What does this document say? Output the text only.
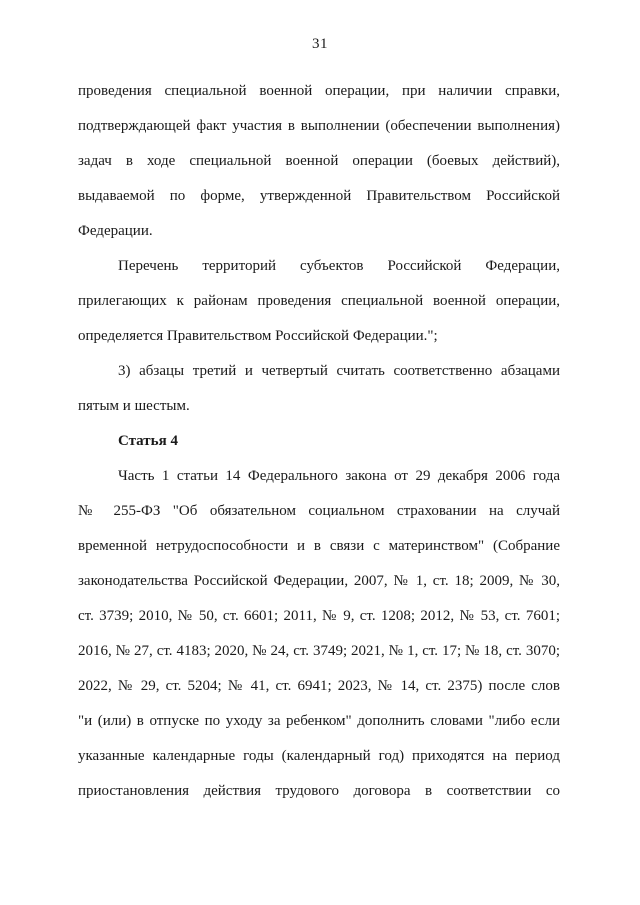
31
проведения специальной военной операции, при наличии справки,
подтверждающей факт участия в выполнении (обеспечении выполнения)
задач в ходе специальной военной операции (боевых действий),
выдаваемой по форме, утвержденной Правительством Российской
Федерации.
Перечень территорий субъектов Российской Федерации,
прилегающих к районам проведения специальной военной операции,
определяется Правительством Российской Федерации.";
3) абзацы третий и четвертый считать соответственно абзацами
пятым и шестым.
Статья 4
Часть 1 статьи 14 Федерального закона от 29 декабря 2006 года
№ 255-ФЗ "Об обязательном социальном страховании на случай
временной нетрудоспособности и в связи с материнством" (Собрание
законодательства Российской Федерации, 2007, № 1, ст. 18; 2009, № 30,
ст. 3739; 2010, № 50, ст. 6601; 2011, № 9, ст. 1208; 2012, № 53, ст. 7601;
2016, № 27, ст. 4183; 2020, № 24, ст. 3749; 2021, № 1, ст. 17; № 18, ст. 3070;
2022, № 29, ст. 5204; № 41, ст. 6941; 2023, № 14, ст. 2375) после слов
"и (или) в отпуске по уходу за ребенком" дополнить словами "либо если
указанные календарные годы (календарный год) приходятся на период
приостановления действия трудового договора в соответствии со
